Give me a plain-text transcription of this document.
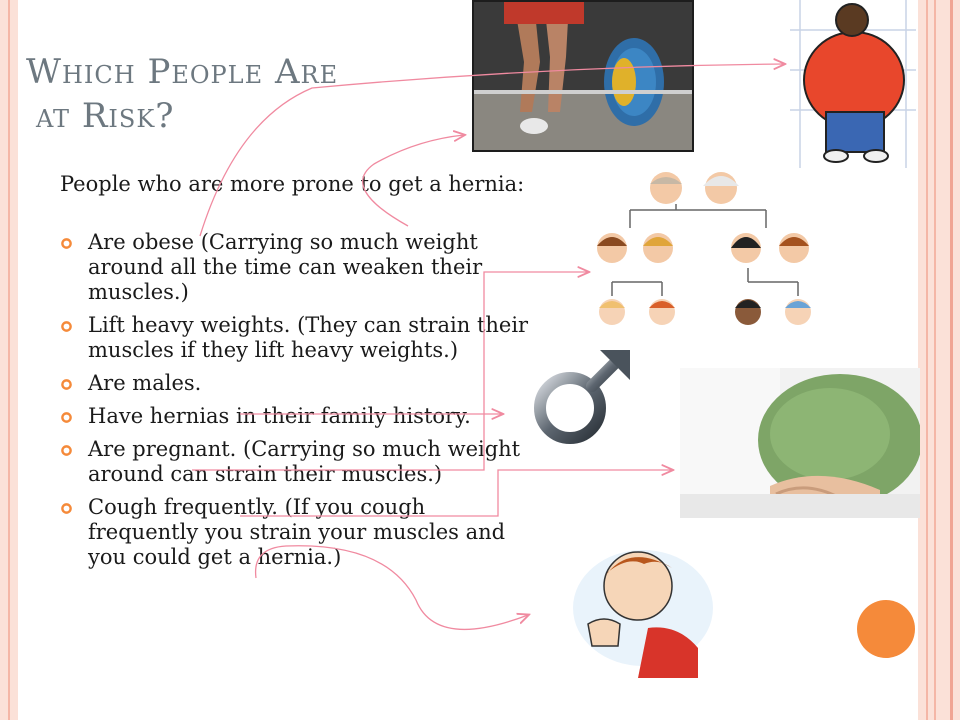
Which People Are
at Risk?
People who are more prone to get a hernia:
Are obese (Carrying so much weight around all the time can weaken their muscles.)
Lift heavy weights. (They can strain their muscles if they lift heavy weights.)
Are males.
Have hernias in their family history.
Are pregnant. (Carrying so much weight around can strain their muscles.)
Cough frequently. (If you cough frequently you strain your muscles and you could get a hernia.)
